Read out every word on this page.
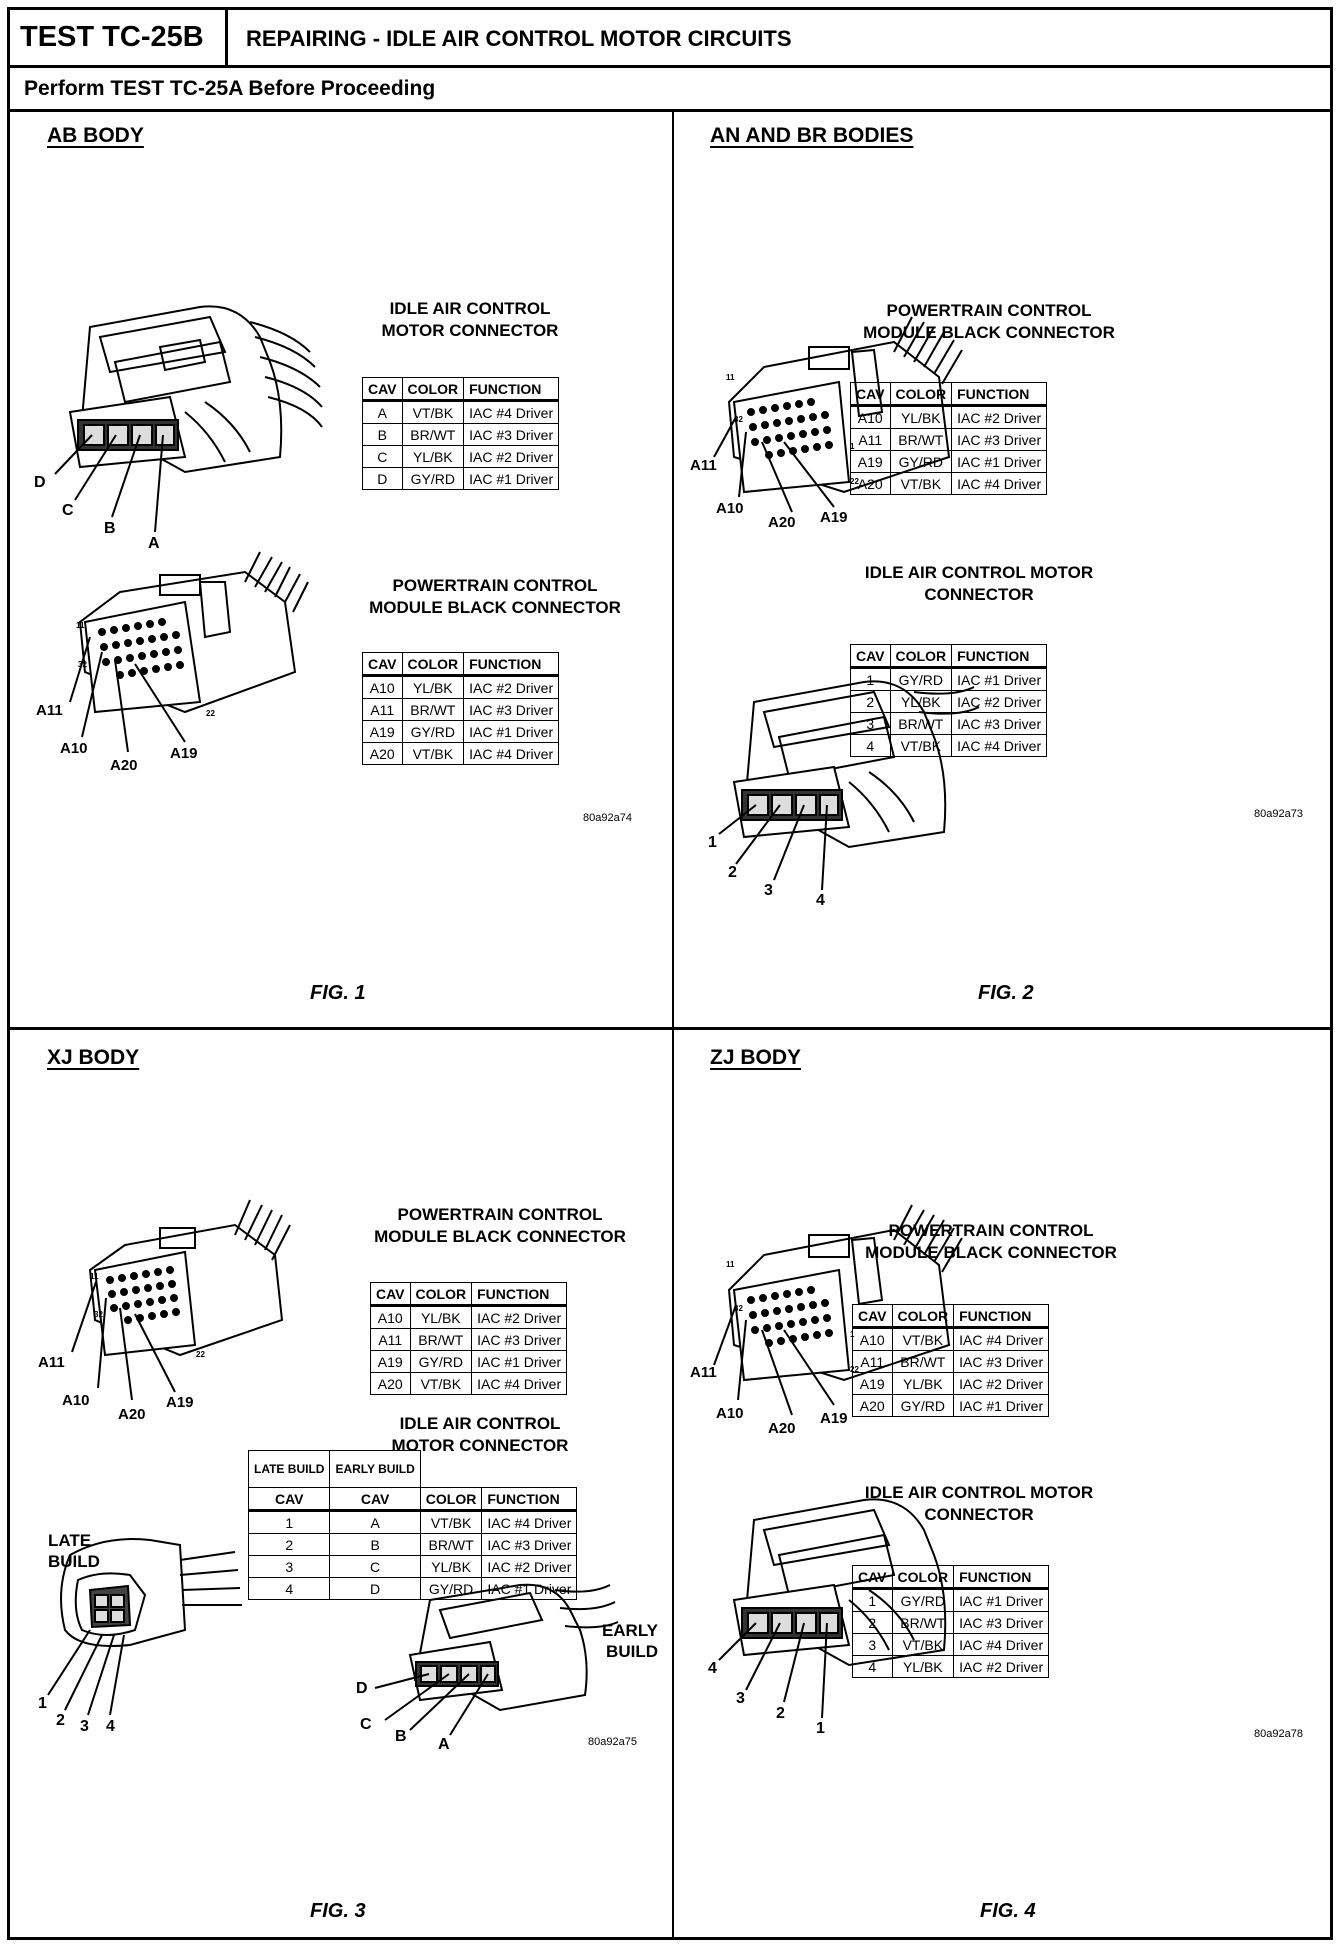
TEST TC-25B	REPAIRING - IDLE AIR CONTROL MOTOR CIRCUITS
Perform TEST TC-25A Before Proceeding
AB BODY
D
C
B
A
A11
A10
A20
A19
11
32
22
IDLE AIR CONTROL MOTOR CONNECTOR
CAV	COLOR	FUNCTION
A	VT/BK	IAC #4 Driver
B	BR/WT	IAC #3 Driver
C	YL/BK	IAC #2 Driver
D	GY/RD	IAC #1 Driver
POWERTRAIN CONTROL MODULE BLACK CONNECTOR
CAV	COLOR	FUNCTION
A10	YL/BK	IAC #2 Driver
A11	BR/WT	IAC #3 Driver
A19	GY/RD	IAC #1 Driver
A20	VT/BK	IAC #4 Driver
80a92a74
FIG. 1
AN AND BR BODIES
A11
A10
A20 A19
11
32
1
22
1
2
3
4
POWERTRAIN CONTROL MODULE BLACK CONNECTOR
CAV	COLOR	FUNCTION
A10	YL/BK	IAC #2 Driver
A11	BR/WT	IAC #3 Driver
A19	GY/RD	IAC #1 Driver
A20	VT/BK	IAC #4 Driver
IDLE AIR CONTROL MOTOR CONNECTOR
CAV	COLOR	FUNCTION
1	GY/RD	IAC #1 Driver
2	YL/BK	IAC #2 Driver
3	BR/WT	IAC #3 Driver
4	VT/BK	IAC #4 Driver
80a92a73
FIG. 2
XJ BODY
A11
A10
A20
A19
11
32
22
LATE BUILD
EARLY BUILD
1
2 3 4
D
C
B A
POWERTRAIN CONTROL MODULE BLACK CONNECTOR
CAV	COLOR	FUNCTION
A10	YL/BK	IAC #2 Driver
A11	BR/WT	IAC #3 Driver
A19	GY/RD	IAC #1 Driver
A20	VT/BK	IAC #4 Driver
IDLE AIR CONTROL MOTOR CONNECTOR
LATE BUILD	EARLY BUILD		
CAV	CAV	COLOR	FUNCTION
1	A	VT/BK	IAC #4 Driver
2	B	BR/WT	IAC #3 Driver
3	C	YL/BK	IAC #2 Driver
4	D	GY/RD	IAC #1 Driver
80a92a75
FIG. 3
ZJ BODY
A11
A10
A20
A19
11
32
1
22
4
3
2
1
POWERTRAIN CONTROL MODULE BLACK CONNECTOR
CAV	COLOR	FUNCTION
A10	VT/BK	IAC #4 Driver
A11	BR/WT	IAC #3 Driver
A19	YL/BK	IAC #2 Driver
A20	GY/RD	IAC #1 Driver
IDLE AIR CONTROL MOTOR CONNECTOR
CAV	COLOR	FUNCTION
1	GY/RD	IAC #1 Driver
2	BR/WT	IAC #3 Driver
3	VT/BK	IAC #4 Driver
4	YL/BK	IAC #2 Driver
80a92a78
FIG. 4
